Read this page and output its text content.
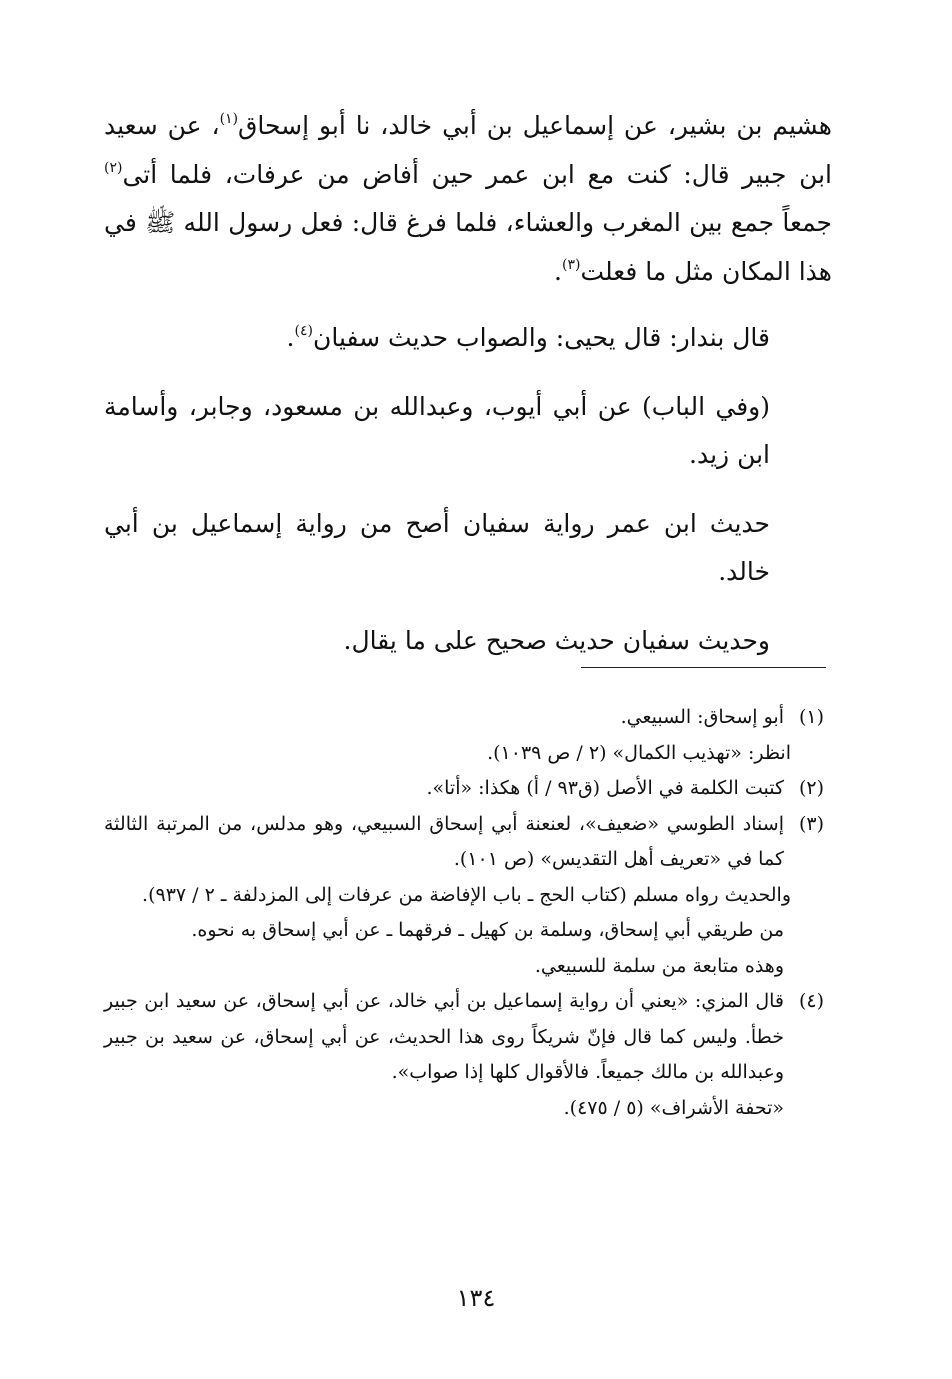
هشيم بن بشير، عن إسماعيل بن أبي خالد، نا أبو إسحاق$^{(١)}$، عن سعيد ابن جبير قال: كنت مع ابن عمر حين أفاض من عرفات، فلما أتى$^{(٢)}$ جمعاً جمع بين المغرب والعشاء، فلما فرغ قال: فعل رسول الله ﷺ في هذا المكان مثل ما فعلت$^{(٣)}$.

قال بندار: قال يحيى: والصواب حديث سفيان$^{(٤)}$.

(وفي الباب) عن أبي أيوب، وعبدالله بن مسعود، وجابر، وأسامة ابن زيد.

حديث ابن عمر رواية سفيان أصح من رواية إسماعيل بن أبي خالد.

وحديث سفيان حديث صحيح على ما يقال.

(١)
أبو إسحاق: السبيعي.

انظر: «تهذيب الكمال» (٢ / ص ١٠٣٩).

(٢)
كتبت الكلمة في الأصل (ق٩٣ / أ) هكذا: «أتا».

(٣)
إسناد الطوسي «ضعيف»، لعنعنة أبي إسحاق السبيعي، وهو مدلس، من المرتبة الثالثة كما في «تعريف أهل التقديس» (ص ١٠١).

والحديث رواه مسلم (كتاب الحج ـ باب الإفاضة من عرفات إلى المزدلفة ـ ٢ / ٩٣٧).

من طريقي أبي إسحاق، وسلمة بن كهيل ـ فرقهما ـ عن أبي إسحاق به نحوه.

وهذه متابعة من سلمة للسبيعي.

(٤)
قال المزي: «يعني أن رواية إسماعيل بن أبي خالد، عن أبي إسحاق، عن سعيد ابن جبير خطأ. وليس كما قال فإنّ شريكاً روى هذا الحديث، عن أبي إسحاق، عن سعيد بن جبير وعبدالله بن مالك جميعاً. فالأقوال كلها إذا صواب».

«تحفة الأشراف» (٥ / ٤٧٥).

١٣٤
